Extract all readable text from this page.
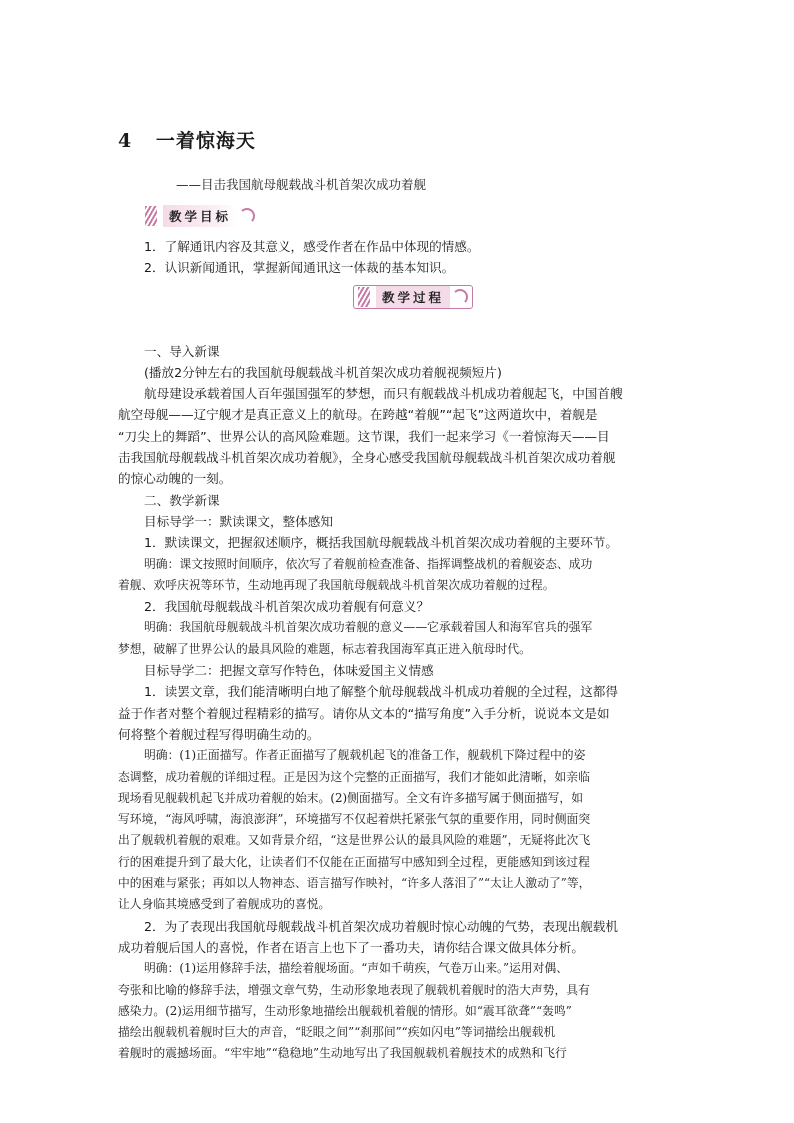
4 一着惊海天
——目击我国航母舰载战斗机首架次成功着舰
教学目标
教学过程
1．了解通讯内容及其意义，感受作者在作品中体现的情感。
2．认识新闻通讯，掌握新闻通讯这一体裁的基本知识。
一、导入新课
(播放2分钟左右的我国航母舰载战斗机首架次成功着舰视频短片)
航母建设承载着国人百年强国强军的梦想，而只有舰载战斗机成功着舰起飞，中国首艘
航空母舰——辽宁舰才是真正意义上的航母。在跨越“着舰”“起飞”这两道坎中，着舰是
“刀尖上的舞蹈”、世界公认的高风险难题。这节课，我们一起来学习《一着惊海天——目
击我国航母舰载战斗机首架次成功着舰》，全身心感受我国航母舰载战斗机首架次成功着舰
的惊心动魄的一刻。
二、教学新课
目标导学一：默读课文，整体感知
1．默读课文，把握叙述顺序，概括我国航母舰载战斗机首架次成功着舰的主要环节。
明确：课文按照时间顺序，依次写了着舰前检查准备、指挥调整战机的着舰姿态、成功
着舰、欢呼庆祝等环节，生动地再现了我国航母舰载战斗机首架次成功着舰的过程。
2．我国航母舰载战斗机首架次成功着舰有何意义？
明确：我国航母舰载战斗机首架次成功着舰的意义——它承载着国人和海军官兵的强军
梦想，破解了世界公认的最具风险的难题，标志着我国海军真正进入航母时代。
目标导学二：把握文章写作特色，体味爱国主义情感
1．读罢文章，我们能清晰明白地了解整个航母舰载战斗机成功着舰的全过程，这都得
益于作者对整个着舰过程精彩的描写。请你从文本的“描写角度”入手分析，说说本文是如
何将整个着舰过程写得明确生动的。
明确：(1)正面描写。作者正面描写了舰载机起飞的准备工作，舰载机下降过程中的姿
态调整，成功着舰的详细过程。正是因为这个完整的正面描写，我们才能如此清晰，如亲临
现场看见舰载机起飞并成功着舰的始末。(2)侧面描写。全文有许多描写属于侧面描写，如
写环境，“海风呼啸，海浪澎湃”，环境描写不仅起着烘托紧张气氛的重要作用，同时侧面突
出了舰载机着舰的艰难。又如背景介绍，“这是世界公认的最具风险的难题”，无疑将此次飞
行的困难提升到了最大化，让读者们不仅能在正面描写中感知到全过程，更能感知到该过程
中的困难与紧张；再如以人物神态、语言描写作映衬，“许多人落泪了”“太让人激动了”等，
让人身临其境感受到了着舰成功的喜悦。
2．为了表现出我国航母舰载战斗机首架次成功着舰时惊心动魄的气势，表现出舰载机
成功着舰后国人的喜悦，作者在语言上也下了一番功夫，请你结合课文做具体分析。
明确：(1)运用修辞手法，描绘着舰场面。“声如千萌疾，气卷万山来。”运用对偶、
夸张和比喻的修辞手法，增强文章气势，生动形象地表现了舰载机着舰时的浩大声势，具有
感染力。(2)运用细节描写，生动形象地描绘出舰载机着舰的情形。如“震耳欲聋”“轰鸣”
描绘出舰载机着舰时巨大的声音，“眨眼之间”“刹那间”“疾如闪电”等词描绘出舰载机
着舰时的震撼场面。“牢牢地”“稳稳地”生动地写出了我国舰载机着舰技术的成熟和飞行
